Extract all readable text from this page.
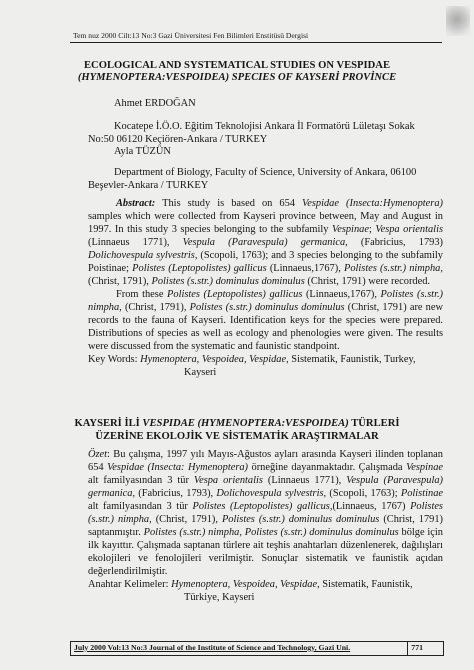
Tem nuz 2000 Cilt:13 No:3 Gazi Üniversitesi Fen Bilimleri Enstitüsü Dergisi
ECOLOGICAL AND SYSTEMATICAL STUDIES ON VESPIDAE
(HYMENOPTERA:VESPOIDEA) SPECIES OF KAYSERİ PROVİNCE
Ahmet ERDOĞAN
Kocatepe İ.Ö.O. Eğitim Teknolojisi Ankara İl Formatörü Lületaşı Sokak
No:50 06120 Keçiören-Ankara / TURKEY
Ayla TÜZÜN
Department of Biology, Faculty of Science, University of Ankara, 06100
Beşevler-Ankara / TURKEY

Abstract: This study is based on 654 Vespidae (Insecta:Hymenoptera) samples which were collected from Kayseri province between, May and August in 1997. In this study 3 species belonging to the subfamily Vespinae; Vespa orientalis (Linnaeus 1771), Vespula (Paravespula) germanica, (Fabricius, 1793) Dolichovespula sylvestris, (Scopoli, 1763); and 3 species belonging to the subfamily Poistinae; Polistes (Leptopolistes) gallicus (Linnaeus,1767), Polistes (s.str.) nimpha, (Christ, 1791), Polistes (s.str.) dominulus dominulus (Christ, 1791) were recorded.

From these Polistes (Leptopolistes) gallicus (Linnaeus,1767), Polistes (s.str.) nimpha, (Christ, 1791), Polistes (s.str.) dominulus dominulus (Christ, 1791) are new records to the fauna of Kayseri. Identification keys for the species were prepared. Distributions of species as well as ecology and phenologies were given. The results were discussed from the systematic and faunistic standpoint.

Key Words: Hymenoptera, Vespoidea, Vespidae, Sistematik, Faunistik, Turkey,

Kayseri

KAYSERİ İLİ VESPIDAE (HYMENOPTERA:VESPOIDEA) TÜRLERİ
ÜZERİNE EKOLOJİK VE SİSTEMATİK ARAŞTIRMALAR

Özet: Bu çalışma, 1997 yılı Mayıs-Ağustos ayları arasında Kayseri ilinden toplanan 654 Vespidae (Insecta: Hymenoptera) örneğine dayanmaktadır. Çalışmada Vespinae alt familyasından 3 tür Vespa orientalis (Linnaeus 1771), Vespula (Paravespula) germanica, (Fabricius, 1793), Dolichovespula sylvestris, (Scopoli, 1763); Polistinae alt familyasından 3 tür Polistes (Leptopolistes) gallicus,(Linnaeus, 1767) Polistes (s.str.) nimpha, (Christ, 1791), Polistes (s.str.) dominulus dominulus (Christ, 1791) saptanmıştır. Polistes (s.str.) nimpha, Polistes (s.str.) dominulus dominulus bölge için ilk kayıttır. Çalışmada saptanan türlere ait teşhis anahtarları düzenlenerek, dağılışları ekolojileri ve fenolojileri verilmiştir. Sonuçlar sistematik ve faunistik açıdan değerlendirilmiştir.

Anahtar Kelimeler: Hymenoptera, Vespoidea, Vespidae, Sistematik, Faunistik,

Türkiye, Kayseri

July 2000 Vol:13 No:3 Journal of the Institute of Science and Technology, Gazi Uni.	771
